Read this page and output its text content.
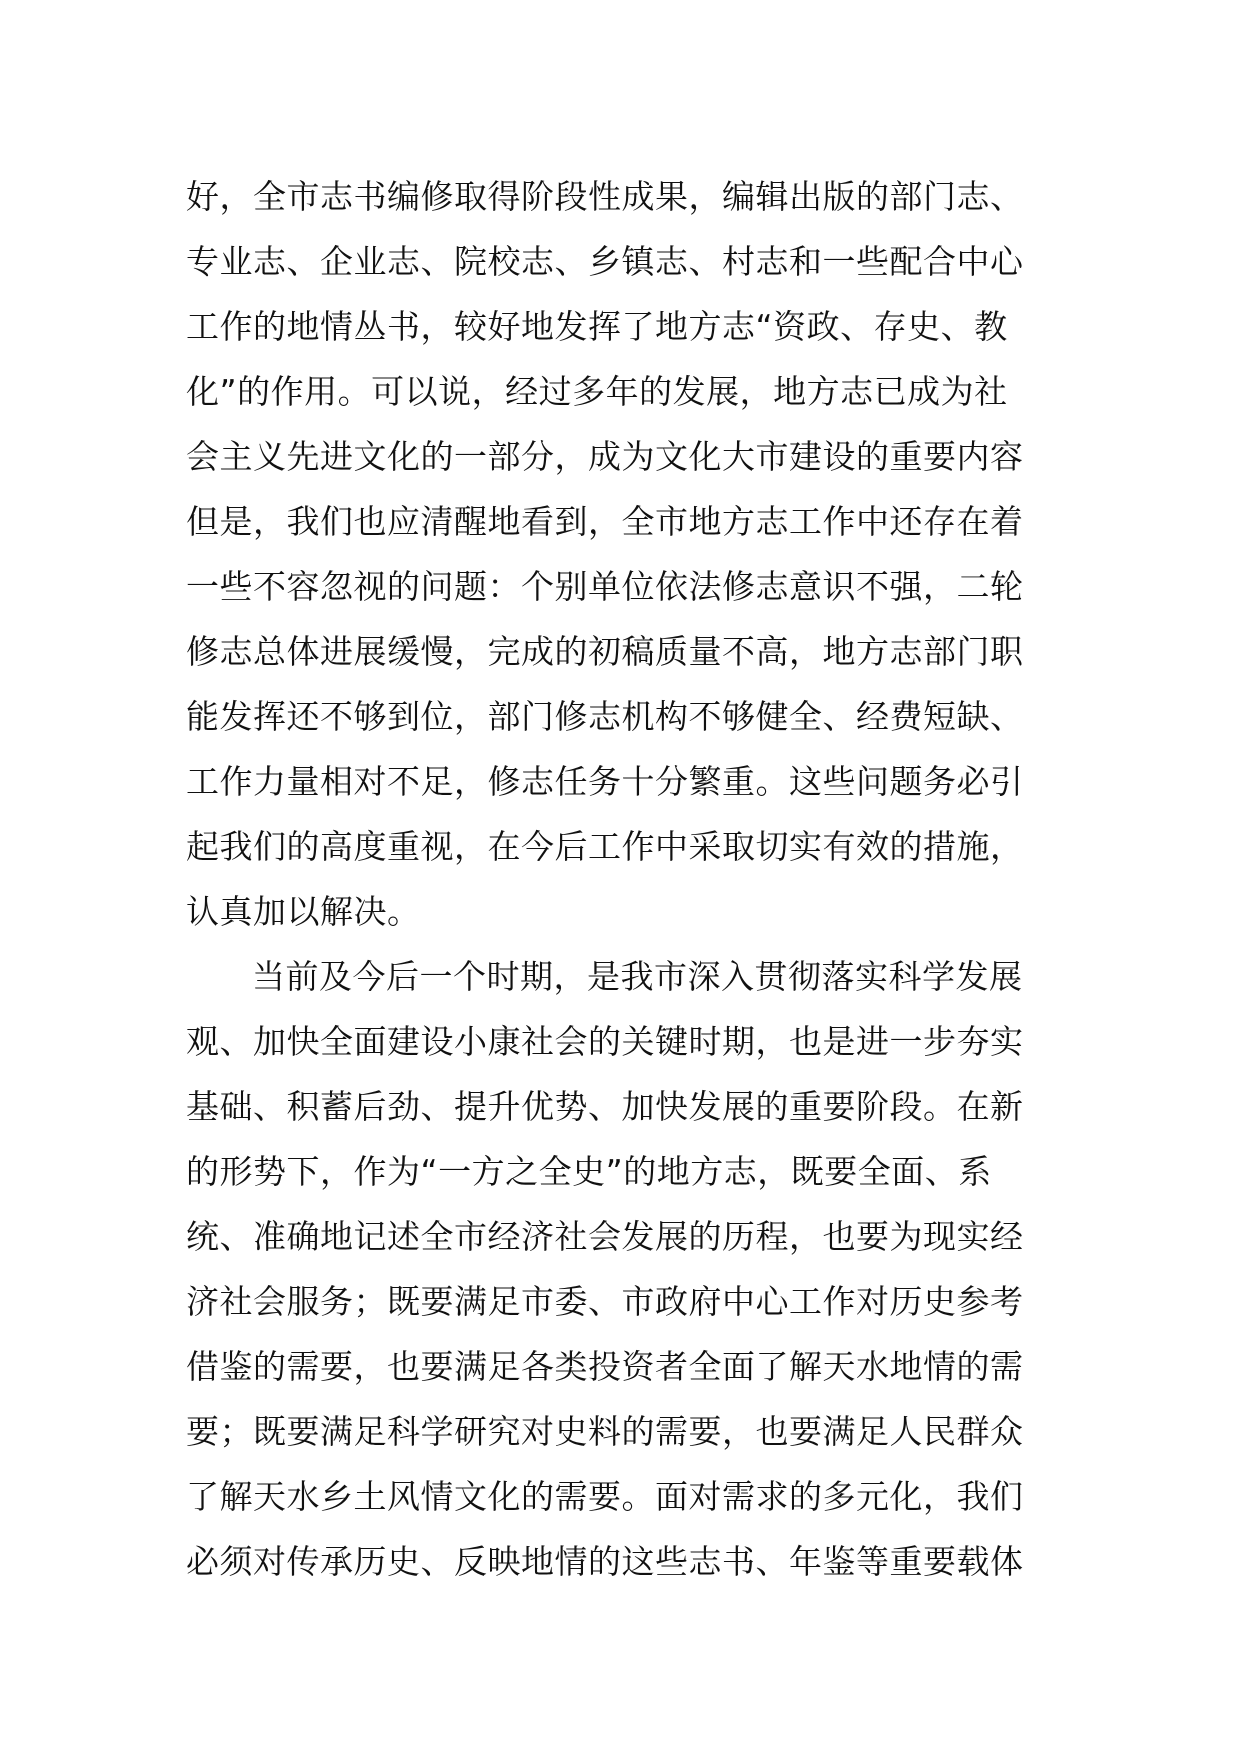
好，全市志书编修取得阶段性成果，编辑出版的部门志、
专业志、企业志、院校志、乡镇志、村志和一些配合中心
工作的地情丛书，较好地发挥了地方志“资政、存史、教
化”的作用。可以说，经过多年的发展，地方志已成为社
会主义先进文化的一部分，成为文化大市建设的重要内容
但是，我们也应清醒地看到，全市地方志工作中还存在着
一些不容忽视的问题：个别单位依法修志意识不强，二轮
修志总体进展缓慢，完成的初稿质量不高，地方志部门职
能发挥还不够到位，部门修志机构不够健全、经费短缺、
工作力量相对不足，修志任务十分繁重。这些问题务必引
起我们的高度重视，在今后工作中采取切实有效的措施，
认真加以解决。
当前及今后一个时期，是我市深入贯彻落实科学发展
观、加快全面建设小康社会的关键时期，也是进一步夯实
基础、积蓄后劲、提升优势、加快发展的重要阶段。在新
的形势下，作为“一方之全史”的地方志，既要全面、系
统、准确地记述全市经济社会发展的历程，也要为现实经
济社会服务；既要满足市委、市政府中心工作对历史参考
借鉴的需要，也要满足各类投资者全面了解天水地情的需
要；既要满足科学研究对史料的需要，也要满足人民群众
了解天水乡土风情文化的需要。面对需求的多元化，我们
必须对传承历史、反映地情的这些志书、年鉴等重要载体
